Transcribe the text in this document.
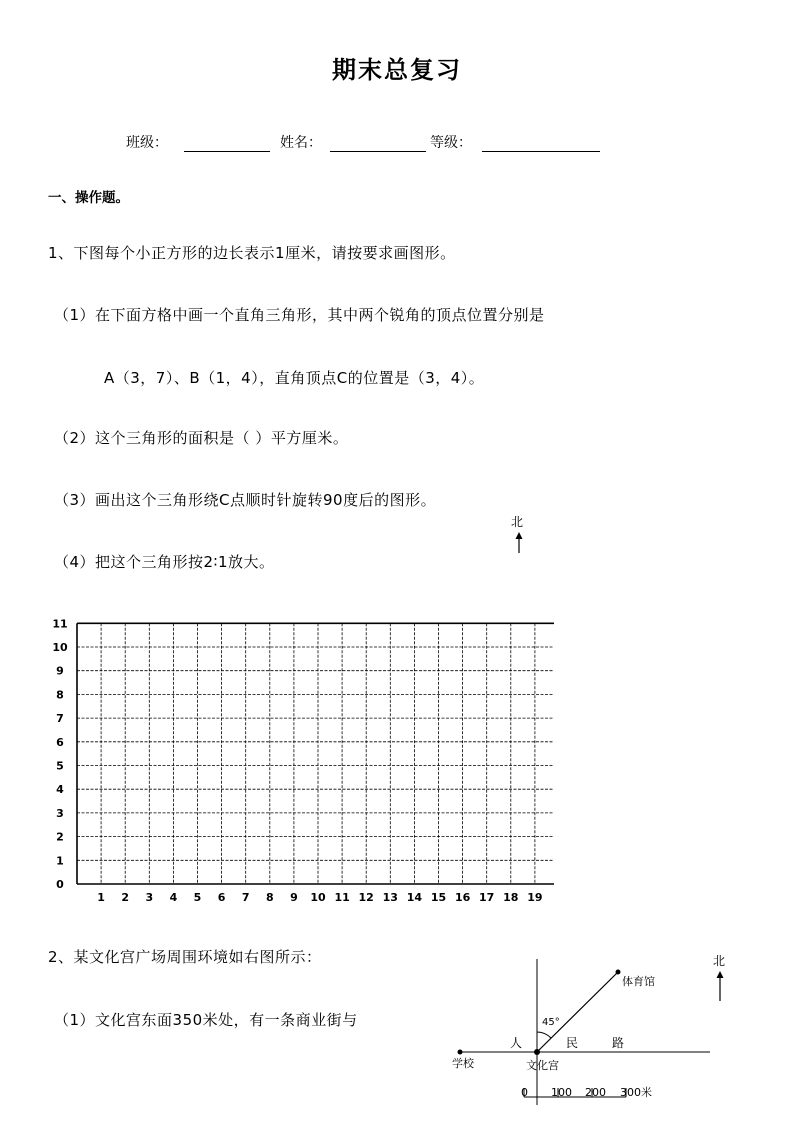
期末总复习
班级：	姓名：	等级：
一、操作题。
1、下图每个小正方形的边长表示1厘米，请按要求画图形。
（1）在下面方格中画一个直角三角形，其中两个锐角的顶点位置分别是
A（3，7）、B（1，4），直角顶点C的位置是（3，4）。
（2）这个三角形的面积是（ ）平方厘米。
（3）画出这个三角形绕C点顺时针旋转90度后的图形。
（4）把这个三角形按2∶1放大。
北
1 2 3 4 5 6 7 8 9 10 11 12 13 14 15 16 17 18 19
0
1
2
3
4
5
6
7
8
9
10
11
2、某文化宫广场周围环境如右图所示：
（1）文化宫东面350米处，有一条商业街与	45°
体育馆
学校	文化宫
人	民	路
北
0 100 200 300米
